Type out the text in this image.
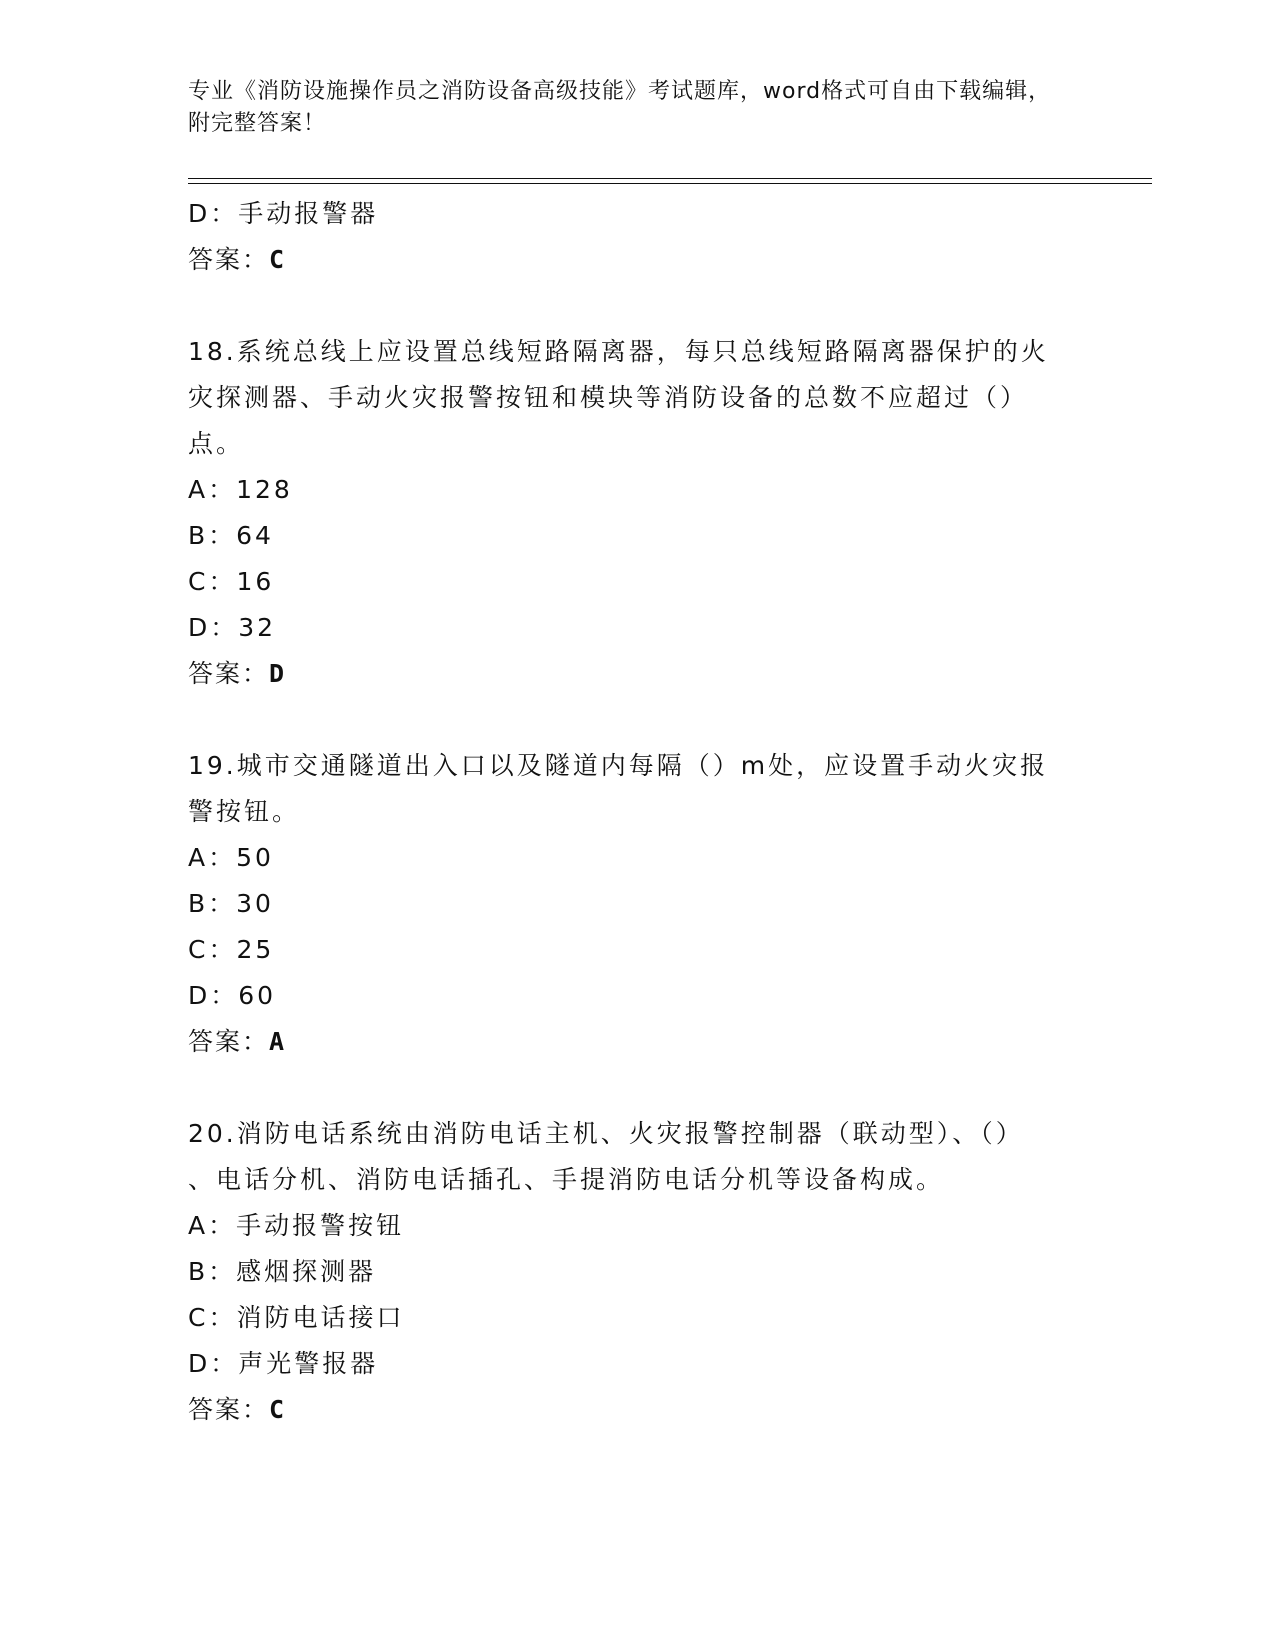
专业《消防设施操作员之消防设备高级技能》考试题库，word格式可自由下载编辑，附完整答案！

D：手动报警器

答案：C

18.系统总线上应设置总线短路隔离器，每只总线短路隔离器保护的火

灾探测器、手动火灾报警按钮和模块等消防设备的总数不应超过（）

点。

A：128

B：64

C：16

D：32

答案：D

19.城市交通隧道出入口以及隧道内每隔（）m处，应设置手动火灾报

警按钮。

A：50

B：30

C：25

D：60

答案：A

20.消防电话系统由消防电话主机、火灾报警控制器（联动型）、（）

、电话分机、消防电话插孔、手提消防电话分机等设备构成。

A：手动报警按钮

B：感烟探测器

C：消防电话接口

D：声光警报器

答案：C
